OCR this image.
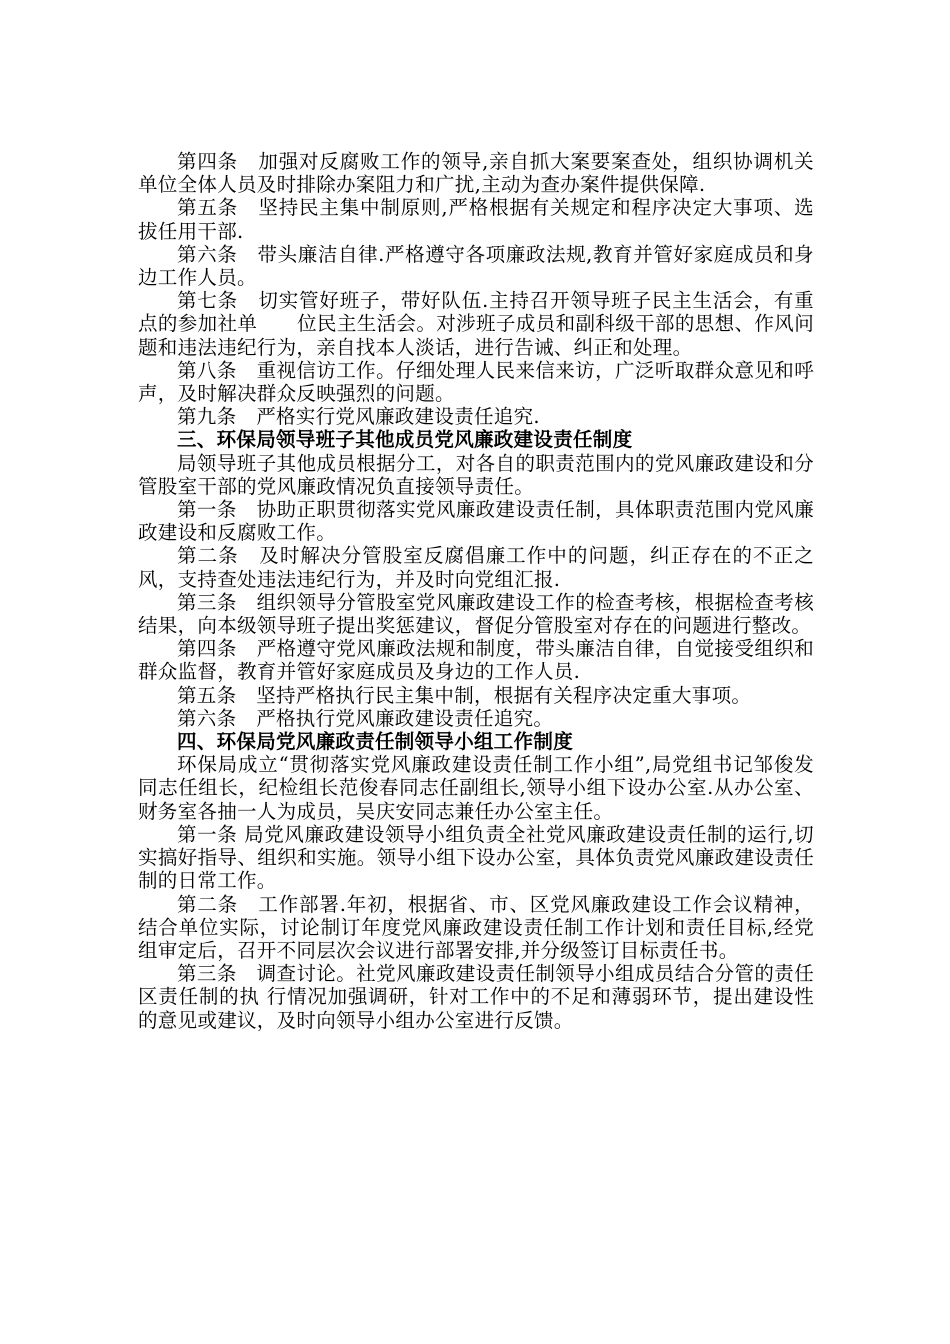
第四条　加强对反腐败工作的领导,亲自抓大案要案查处，组织协调机关单位全体人员及时排除办案阻力和广扰,主动为查办案件提供保障.

第五条　坚持民主集中制原则,严格根据有关规定和程序决定大事项、选拔任用干部.

第六条　带头廉洁自律.严格遵守各项廉政法规,教育并管好家庭成员和身边工作人员。

第七条　切实管好班子，带好队伍.主持召开领导班子民主生活会，有重点的参加社单　　位民主生活会。对涉班子成员和副科级干部的思想、作风问题和违法违纪行为，亲自找本人淡话，进行告诫、纠正和处理。

第八条　重视信访工作。仔细处理人民来信来访，广泛听取群众意见和呼声，及时解决群众反映强烈的问题。

第九条　严格实行党风廉政建设责任追究.

三、环保局领导班子其他成员党风廉政建设责任制度

局领导班子其他成员根据分工，对各自的职责范围内的党风廉政建设和分管股室干部的党风廉政情况负直接领导责任。

第一条　协助正职贯彻落实党风廉政建设责任制，具体职责范围内党风廉政建设和反腐败工作。

第二条　及时解决分管股室反腐倡廉工作中的问题，纠正存在的不正之风，支持查处违法违纪行为，并及时向党组汇报.

第三条　组织领导分管股室党风廉政建设工作的检查考核，根据检查考核结果，向本级领导班子提出奖惩建议，督促分管股室对存在的问题进行整改。

第四条　严格遵守党风廉政法规和制度，带头廉洁自律，自觉接受组织和群众监督，教育并管好家庭成员及身边的工作人员.

第五条　坚持严格执行民主集中制，根据有关程序决定重大事项。

第六条　严格执行党风廉政建设责任追究。

四、环保局党风廉政责任制领导小组工作制度

环保局成立“贯彻落实党风廉政建设责任制工作小组”,局党组书记邹俊发同志任组长，纪检组长范俊春同志任副组长,领导小组下设办公室.从办公室、财务室各抽一人为成员，吴庆安同志兼任办公室主任。

第一条 局党风廉政建设领导小组负责全社党风廉政建设责任制的运行,切实搞好指导、组织和实施。领导小组下设办公室，具体负责党风廉政建设责任制的日常工作。

第二条　工作部署.年初，根据省、市、区党风廉政建设工作会议精神，结合单位实际，讨论制订年度党风廉政建设责任制工作计划和责任目标,经党组审定后，召开不同层次会议进行部署安排,并分级签订目标责任书。

第三条　调查讨论。社党风廉政建设责任制领导小组成员结合分管的责任区责任制的执 行情况加强调研，针对工作中的不足和薄弱环节，提出建设性的意见或建议，及时向领导小组办公室进行反馈。
